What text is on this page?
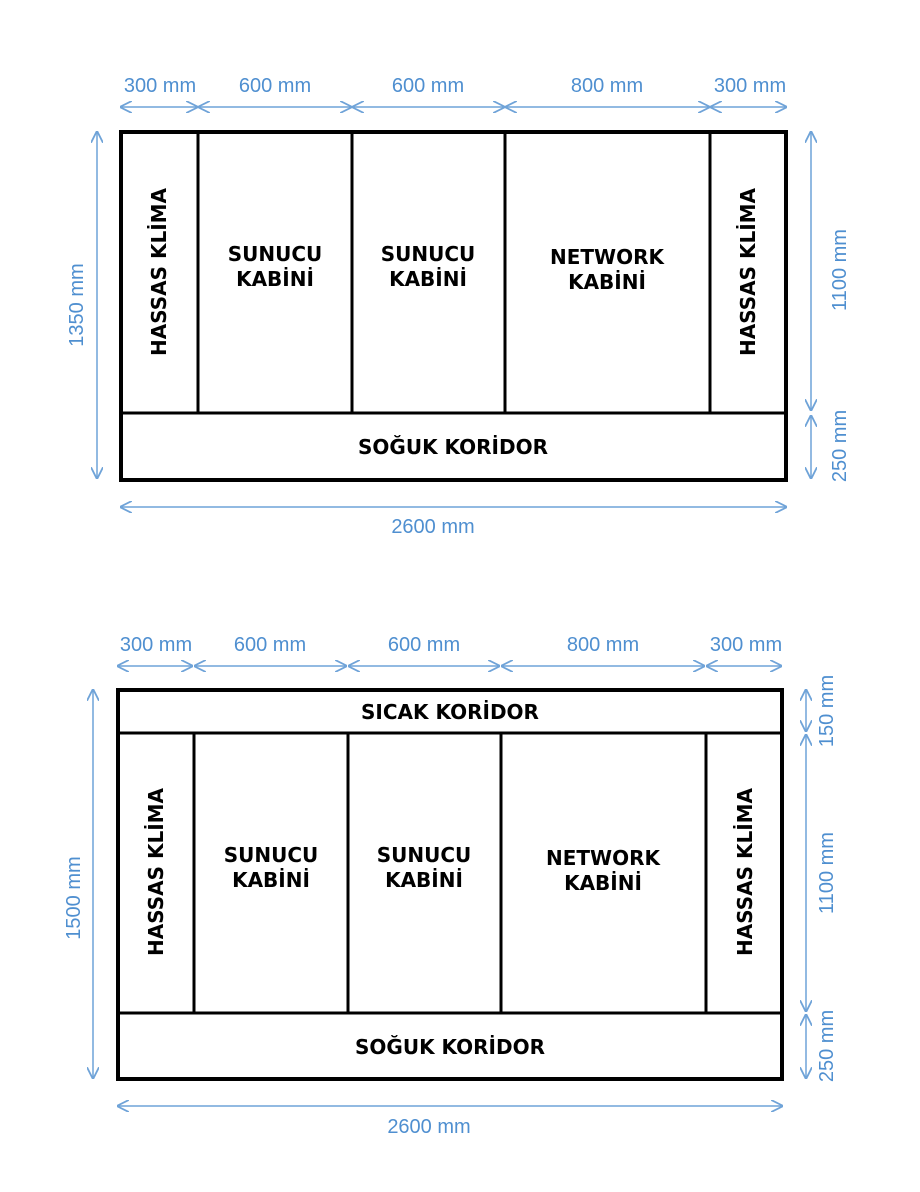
300 mm 600 mm	600 mm	800 mm	300 mm
1350 mm	1100 mm
250 mm
HASSAS KLİMA	SUNUCU
KABİNİ
SUNUCU
KABİNİ
NETWORK
KABİNİ	HASSAS KLİMA
SOĞUK KORİDOR
2600 mm
300 mm 600 mm	600 mm	800 mm	300 mm
1500 mm
150 mm
1100 mm
250 mm
SICAK KORİDOR
HASSAS KLİMA	SUNUCU
KABİNİ
SUNUCU
KABİNİ
NETWORK
KABİNİ	HASSAS KLİMA
SOĞUK KORİDOR
2600 mm
